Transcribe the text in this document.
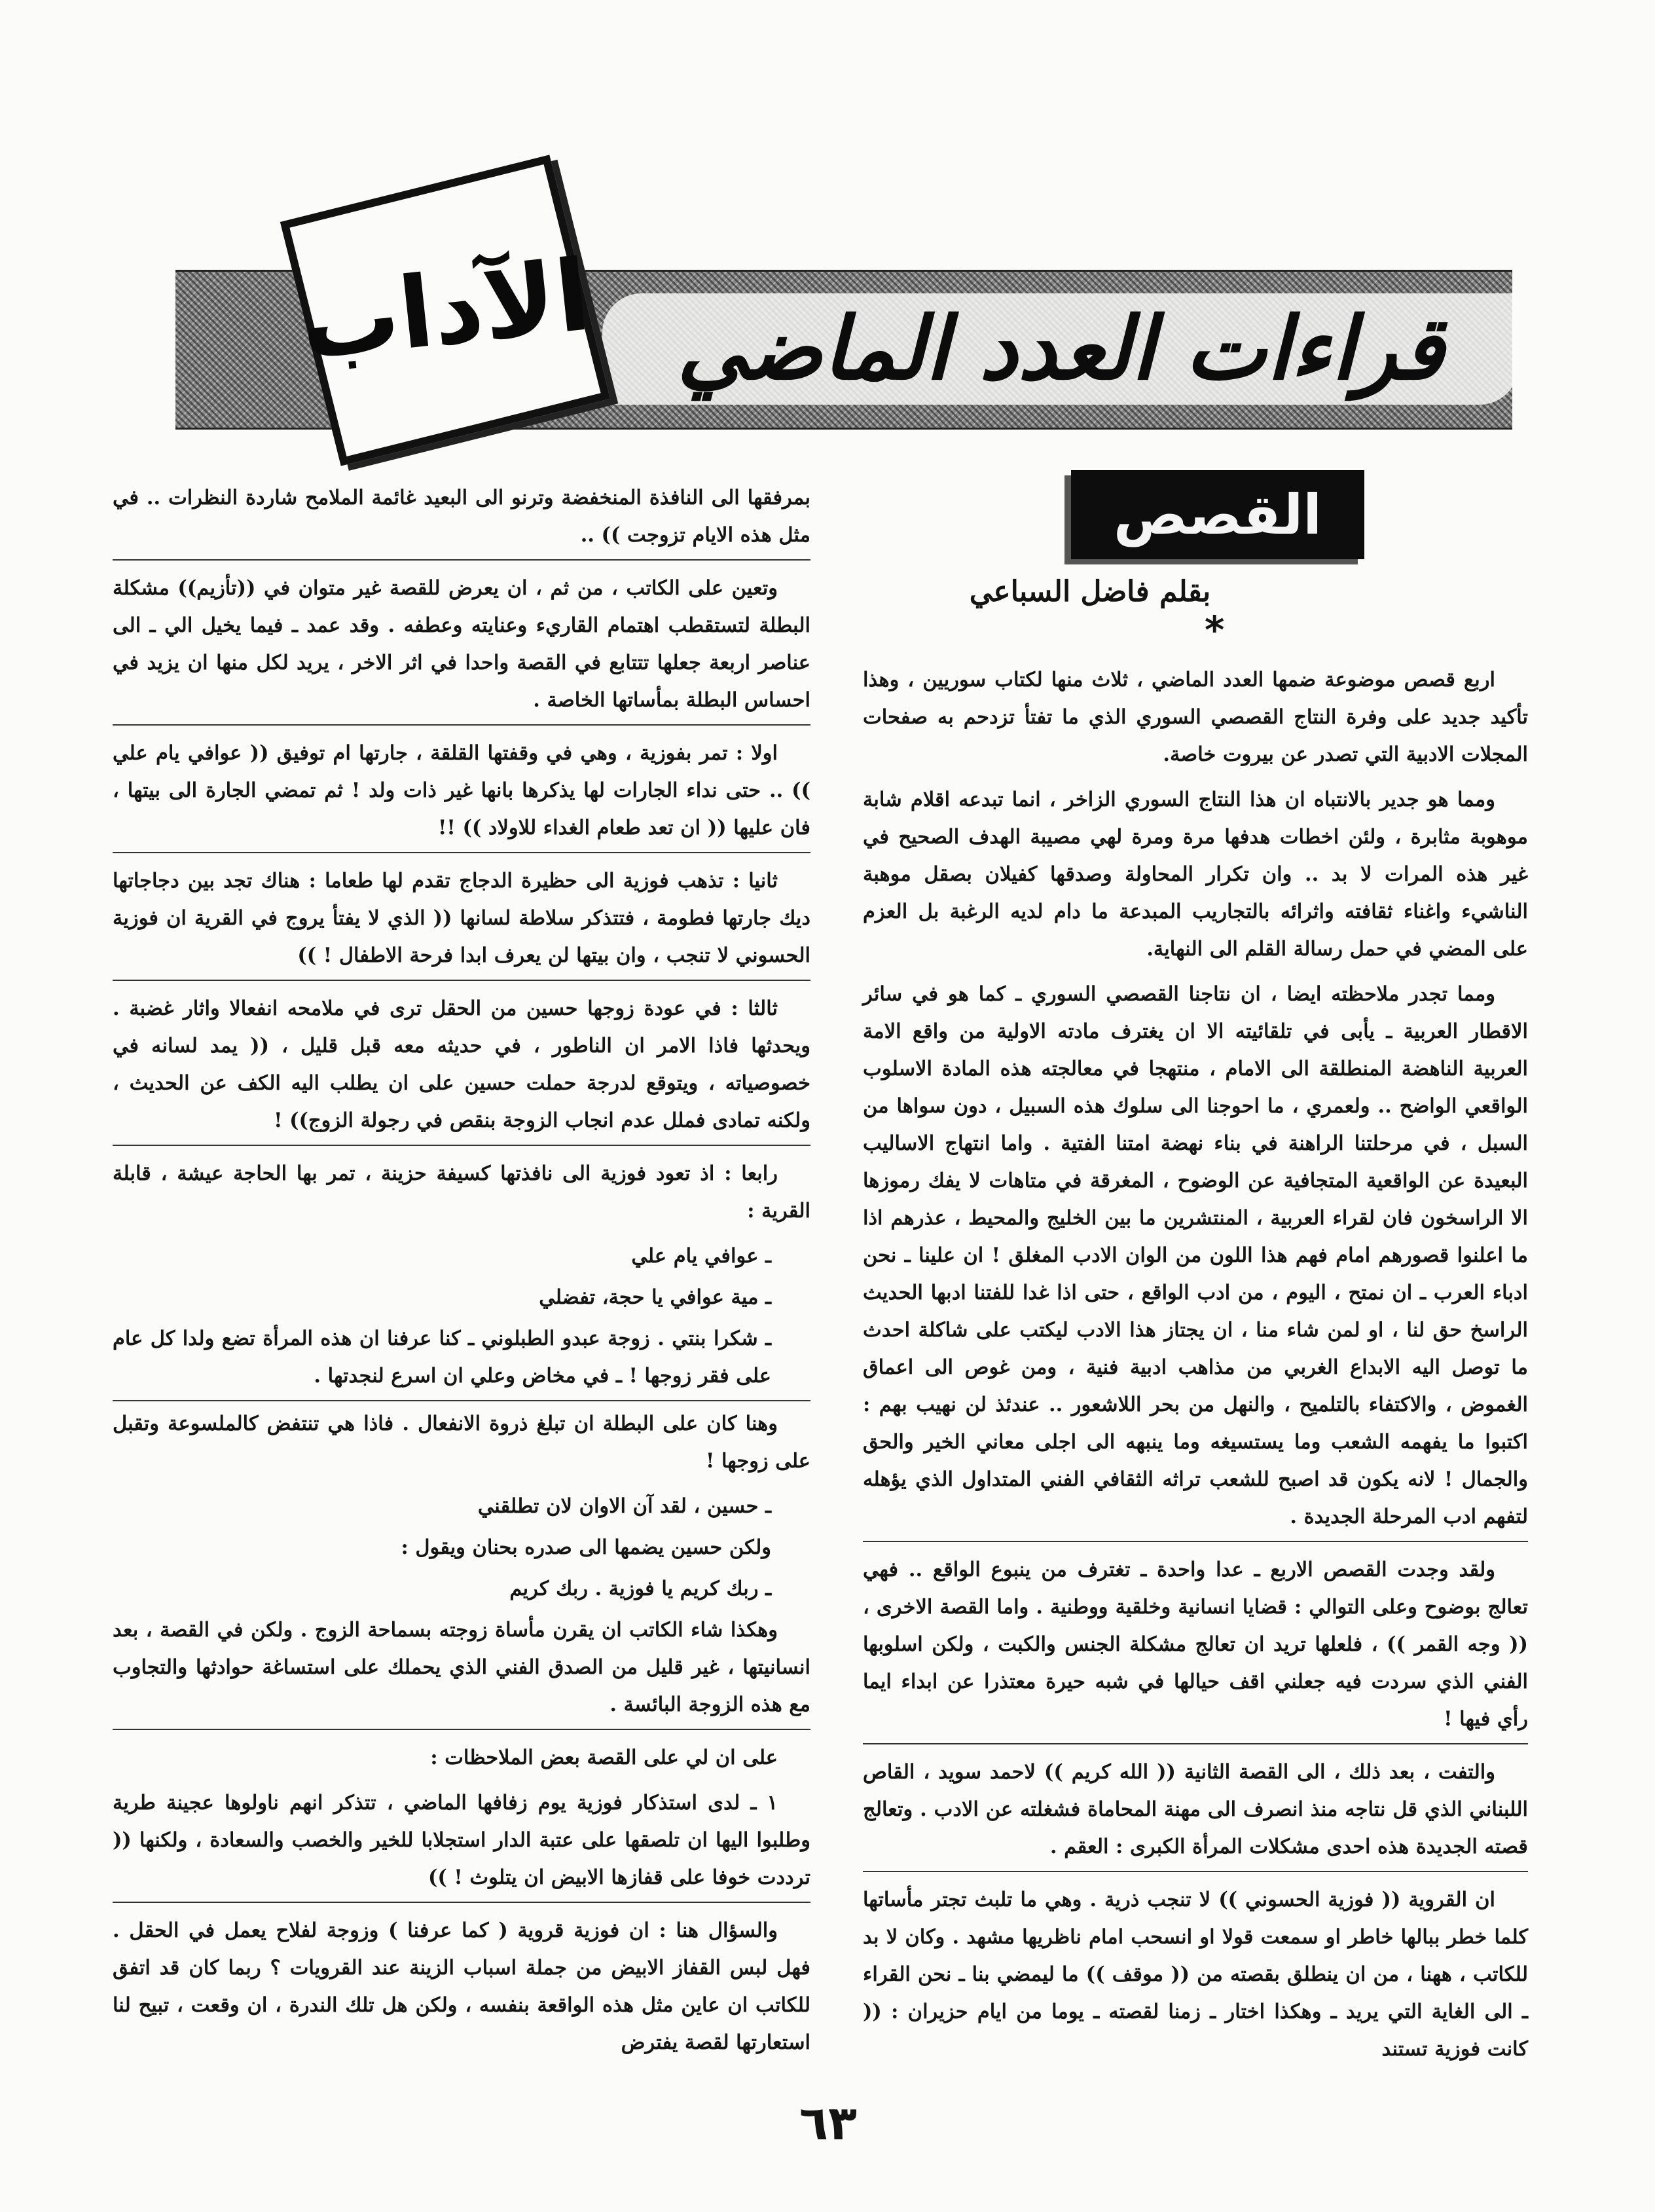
قراءات العدد الماضي
الآداب
القصص
بقلم فاضل السباعي
*

اربع قصص موضوعة ضمها العدد الماضي ، ثلاث منها لكتاب سوريين ، وهذا تأكيد جديد على وفرة النتاج القصصي السوري الذي ما تفتأ تزدحم به صفحات المجلات الادبية التي تصدر عن بيروت خاصة.

ومما هو جدير بالانتباه ان هذا النتاج السوري الزاخر ، انما تبدعه اقلام شابة موهوبة مثابرة ، ولئن اخطات هدفها مرة ومرة لهي مصيبة الهدف الصحيح في غير هذه المرات لا بد .. وان تكرار المحاولة وصدقها كفيلان بصقل موهبة الناشيء واغناء ثقافته واثرائه بالتجاريب المبدعة ما دام لديه الرغبة بل العزم على المضي في حمل رسالة القلم الى النهاية.

ومما تجدر ملاحظته ايضا ، ان نتاجنا القصصي السوري ـ كما هو في سائر الاقطار العربية ـ يأبى في تلقائيته الا ان يغترف مادته الاولية من واقع الامة العربية الناهضة المنطلقة الى الامام ، منتهجا في معالجته هذه المادة الاسلوب الواقعي الواضح .. ولعمري ، ما احوجنا الى سلوك هذه السبيل ، دون سواها من السبل ، في مرحلتنا الراهنة في بناء نهضة امتنا الفتية . واما انتهاج الاساليب البعيدة عن الواقعية المتجافية عن الوضوح ، المغرقة في متاهات لا يفك رموزها الا الراسخون فان لقراء العربية ، المنتشرين ما بين الخليج والمحيط ، عذرهم اذا ما اعلنوا قصورهم امام فهم هذا اللون من الوان الادب المغلق ! ان علينا ـ نحن ادباء العرب ـ ان نمتح ، اليوم ، من ادب الواقع ، حتى اذا غدا للفتنا ادبها الحديث الراسخ حق لنا ، او لمن شاء منا ، ان يجتاز هذا الادب ليكتب على شاكلة احدث ما توصل اليه الابداع الغربي من مذاهب ادبية فنية ، ومن غوص الى اعماق الغموض ، والاكتفاء بالتلميح ، والنهل من بحر اللاشعور .. عندئذ لن نهيب بهم : اكتبوا ما يفهمه الشعب وما يستسيغه وما ينبهه الى اجلى معاني الخير والحق والجمال ! لانه يكون قد اصبح للشعب تراثه الثقافي الفني المتداول الذي يؤهله لتفهم ادب المرحلة الجديدة .

ولقد وجدت القصص الاربع ـ عدا واحدة ـ تغترف من ينبوع الواقع .. فهي تعالج بوضوح وعلى التوالي : قضايا انسانية وخلقية ووطنية . واما القصة الاخرى ، (( وجه القمر )) ، فلعلها تريد ان تعالج مشكلة الجنس والكبت ، ولكن اسلوبها الفني الذي سردت فيه جعلني اقف حيالها في شبه حيرة معتذرا عن ابداء ايما رأي فيها !

والتفت ، بعد ذلك ، الى القصة الثانية (( الله كريم )) لاحمد سويد ، القاص اللبناني الذي قل نتاجه منذ انصرف الى مهنة المحاماة فشغلته عن الادب . وتعالج قصته الجديدة هذه احدى مشكلات المرأة الكبرى : العقم .

ان القروية (( فوزية الحسوني )) لا تنجب ذرية . وهي ما تلبث تجتر مأساتها كلما خطر ببالها خاطر او سمعت قولا او انسحب امام ناظريها مشهد . وكان لا بد للكاتب ، ههنا ، من ان ينطلق بقصته من (( موقف )) ما ليمضي بنا ـ نحن القراء ـ الى الغاية التي يريد ـ وهكذا اختار ـ زمنا لقصته ـ يوما من ايام حزيران : (( كانت فوزية تستند

بمرفقها الى النافذة المنخفضة وترنو الى البعيد غائمة الملامح شاردة النظرات .. في مثل هذه الايام تزوجت )) ..

وتعين على الكاتب ، من ثم ، ان يعرض للقصة غير متوان في ((تأزيم)) مشكلة البطلة لتستقطب اهتمام القاريء وعنايته وعطفه . وقد عمد ـ فيما يخيل الي ـ الى عناصر اربعة جعلها تتتابع في القصة واحدا في اثر الاخر ، يريد لكل منها ان يزيد في احساس البطلة بمأساتها الخاصة .

اولا : تمر بفوزية ، وهي في وقفتها القلقة ، جارتها ام توفيق (( عوافي يام علي )) .. حتى نداء الجارات لها يذكرها بانها غير ذات ولد ! ثم تمضي الجارة الى بيتها ، فان عليها (( ان تعد طعام الغداء للاولاد )) !!

ثانيا : تذهب فوزية الى حظيرة الدجاج تقدم لها طعاما : هناك تجد بين دجاجاتها ديك جارتها فطومة ، فتتذكر سلاطة لسانها (( الذي لا يفتأ يروج في القرية ان فوزية الحسوني لا تنجب ، وان بيتها لن يعرف ابدا فرحة الاطفال ! ))

ثالثا : في عودة زوجها حسين من الحقل ترى في ملامحه انفعالا واثار غضبة . ويحدثها فاذا الامر ان الناطور ، في حديثه معه قبل قليل ، (( يمد لسانه في خصوصياته ، ويتوقع لدرجة حملت حسين على ان يطلب اليه الكف عن الحديث ، ولكنه تمادى فملل عدم انجاب الزوجة بنقص في رجولة الزوج)) !

رابعا : اذ تعود فوزية الى نافذتها كسيفة حزينة ، تمر بها الحاجة عيشة ، قابلة القرية :

ـ عوافي يام علي

ـ مية عوافي يا حجة، تفضلي

ـ شكرا بنتي . زوجة عبدو الطبلوني ـ كنا عرفنا ان هذه المرأة تضع ولدا كل عام على فقر زوجها ! ـ في مخاض وعلي ان اسرع لنجدتها .

وهنا كان على البطلة ان تبلغ ذروة الانفعال . فاذا هي تنتفض كالملسوعة وتقبل على زوجها !

ـ حسين ، لقد آن الاوان لان تطلقني

ولكن حسين يضمها الى صدره بحنان ويقول :

ـ ربك كريم يا فوزية . ربك كريم

وهكذا شاء الكاتب ان يقرن مأساة زوجته بسماحة الزوج . ولكن في القصة ، بعد انسانيتها ، غير قليل من الصدق الفني الذي يحملك على استساغة حوادثها والتجاوب مع هذه الزوجة البائسة .

على ان لي على القصة بعض الملاحظات :

١ ـ لدى استذكار فوزية يوم زفافها الماضي ، تتذكر انهم ناولوها عجينة طرية وطلبوا اليها ان تلصقها على عتبة الدار استجلابا للخير والخصب والسعادة ، ولكنها (( ترددت خوفا على قفازها الابيض ان يتلوث ! ))

والسؤال هنا : ان فوزية قروية ( كما عرفنا ) وزوجة لفلاح يعمل في الحقل . فهل لبس القفاز الابيض من جملة اسباب الزينة عند القرويات ؟ ربما كان قد اتفق للكاتب ان عاين مثل هذه الواقعة بنفسه ، ولكن هل تلك الندرة ، ان وقعت ، تبيح لنا استعارتها لقصة يفترض

٦٣
